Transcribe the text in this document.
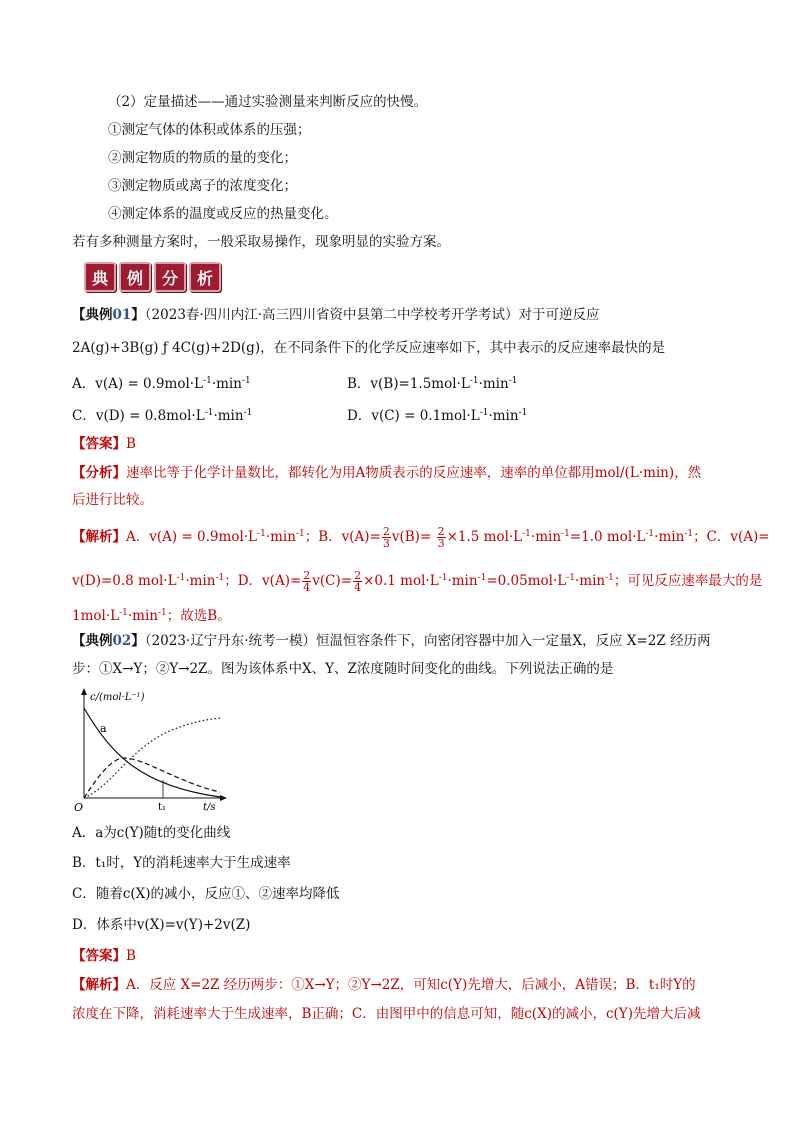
（2）定量描述——通过实验测量来判断反应的快慢。
①测定气体的体积或体系的压强；
②测定物质的物质的量的变化；
③测定物质或离子的浓度变化；
④测定体系的温度或反应的热量变化。
若有多种测量方案时，一般采取易操作，现象明显的实验方案。
典	例	分	析
【典例01】（2023春·四川内江·高三四川省资中县第二中学校考开学考试）对于可逆反应
2A(g)+3B(g) ƒ 4C(g)+2D(g)，在不同条件下的化学反应速率如下，其中表示的反应速率最快的是
A．$v(A) = 0.9mol\cdot L^{-1}\cdot\min^{-1}$	B．$v(B)=1.5mol\cdot L^{-1}\cdot\min^{-1}$
C．$v(D) = 0.8mol\cdot L^{-1}\cdot\min^{-1}$	D．$v(C) = 0.1mol\cdot L^{-1}\cdot\min^{-1}$
【答案】B
【分析】速率比等于化学计量数比，都转化为用A物质表示的反应速率，速率的单位都用mol/(L·min)，然
后进行比较。
【解析】A．$v(A) = 0.9mol\cdot L^{-1}\cdot\min^{-1}$；B．$v(A)= \frac{2}{3} v(B)= \frac{2}{3} \times 1.5$ $mol\cdot L^{-1}\cdot\min^{-1}=1.0$ $mol\cdot L^{-1}\cdot\min^{-1}$；C．v(A)=
v(D)=0.8 $mol\cdot L^{-1}\cdot\min^{-1}$；D．$v(A)= \frac{2}{4} v(C)= \frac{2}{4} \times 0.1$ $mol\cdot L^{-1}\cdot\min^{-1}=0.05mol\cdot L^{-1}\cdot\min^{-1}$；可见反应速率最大的是
$1mol\cdot L^{-1}\cdot\min^{-1}$；故选B。
【典例02】（2023·辽宁丹东·统考一模）恒温恒容条件下，向密闭容器中加入一定量X，反应 X=2Z 经历两
步：①X→Y；②Y→2Z。图为该体系中X、Y、Z浓度随时间变化的曲线。下列说法正确的是
c/(mol·L⁻¹)
t/s
O
a
t₁
A．a为c(Y)随t的变化曲线
B．t₁时，Y的消耗速率大于生成速率
C．随着c(X)的减小，反应①、②速率均降低
D．体系中v(X)=v(Y)+2v(Z)
【答案】B
【解析】A．反应 X=2Z 经历两步：①X→Y；②Y→2Z，可知c(Y)先增大，后减小，A错误；B．t₁时Y的
浓度在下降，消耗速率大于生成速率，B正确；C．由图甲中的信息可知，随c(X)的减小，c(Y)先增大后减
